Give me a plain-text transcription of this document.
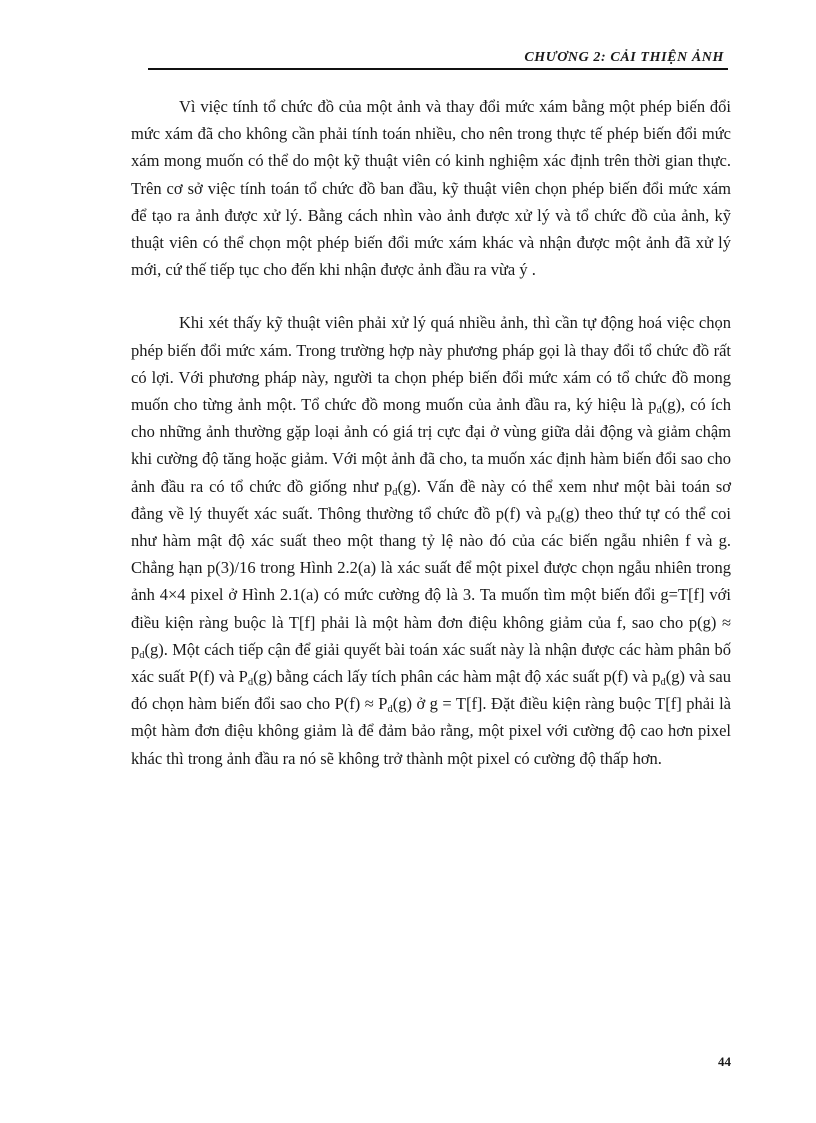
CHƯƠNG 2: CẢI THIỆN ẢNH

Vì việc tính tổ chức đồ của một ảnh và thay đổi mức xám bằng một phép biến đổi mức xám đã cho không cần phải tính toán nhiều, cho nên trong thực tế phép biến đổi mức xám mong muốn có thể do một kỹ thuật viên có kinh nghiệm xác định trên thời gian thực. Trên cơ sở việc tính toán tổ chức đồ ban đầu, kỹ thuật viên chọn phép biến đổi mức xám để tạo ra ảnh được xử lý. Bằng cách nhìn vào ảnh được xử lý và tổ chức đồ của ảnh, kỹ thuật viên có thể chọn một phép biến đổi mức xám khác và nhận được một ảnh đã xử lý mới, cứ thế tiếp tục cho đến khi nhận được ảnh đầu ra vừa ý .

Khi xét thấy kỹ thuật viên phải xử lý quá nhiều ảnh, thì cần tự động hoá việc chọn phép biến đổi mức xám. Trong trường hợp này phương pháp gọi là thay đổi tổ chức đồ rất có lợi. Với phương pháp này, người ta chọn phép biến đổi mức xám có tổ chức đồ mong muốn cho từng ảnh một. Tổ chức đồ mong muốn của ảnh đầu ra, ký hiệu là $p_d(g)$, có ích cho những ảnh thường gặp loại ảnh có giá trị cực đại ở vùng giữa dải động và giảm chậm khi cường độ tăng hoặc giảm. Với một ảnh đã cho, ta muốn xác định hàm biến đổi sao cho ảnh đầu ra có tổ chức đồ giống như $p_d(g)$. Vấn đề này có thể xem như một bài toán sơ đẳng về lý thuyết xác suất. Thông thường tổ chức đồ p(f) và $p_d(g)$ theo thứ tự có thể coi như hàm mật độ xác suất theo một thang tỷ lệ nào đó của các biến ngẫu nhiên f và g. Chẳng hạn p(3)/16 trong Hình 2.2(a) là xác suất để một pixel được chọn ngẫu nhiên trong ảnh 4×4 pixel ở Hình 2.1(a) có mức cường độ là 3. Ta muốn tìm một biến đổi g=T[f] với điều kiện ràng buộc là T[f] phải là một hàm đơn điệu không giảm của f, sao cho $p(g) \approx p_d(g)$. Một cách tiếp cận để giải quyết bài toán xác suất này là nhận được các hàm phân bố xác suất P(f) và $P_d(g)$ bằng cách lấy tích phân các hàm mật độ xác suất p(f) và $p_d(g)$ và sau đó chọn hàm biến đổi sao cho $P(f) \approx P_d(g)$ ở g = T[f]. Đặt điều kiện ràng buộc T[f] phải là một hàm đơn điệu không giảm là để đảm bảo rằng, một pixel với cường độ cao hơn pixel khác thì trong ảnh đầu ra nó sẽ không trở thành một pixel có cường độ thấp hơn.

44
